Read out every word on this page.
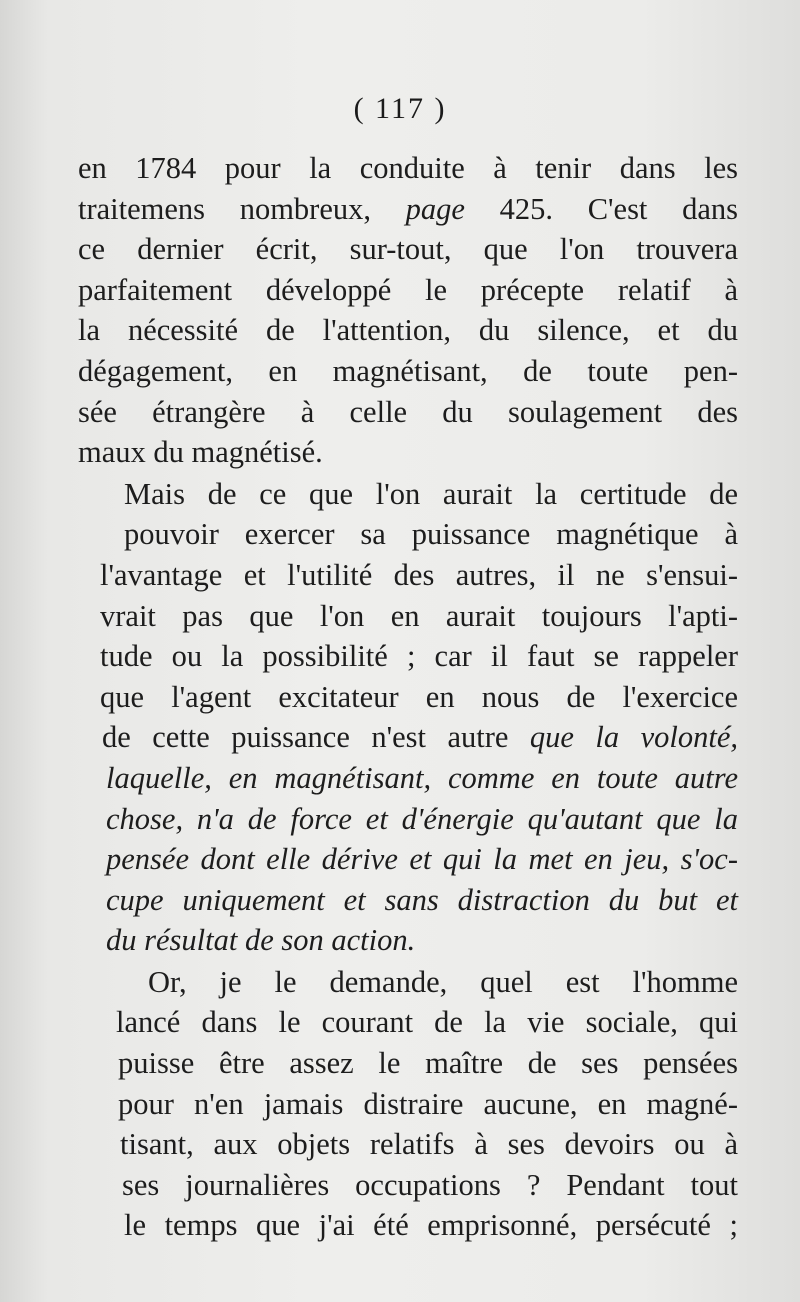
( 117 )
en 1784 pour la conduite à tenir dans les
traitemens nombreux, page 425. C'est dans
ce dernier écrit, sur-tout, que l'on trouvera
parfaitement développé le précepte relatif à
la nécessité de l'attention, du silence, et du
dégagement, en magnétisant, de toute pen-
sée étrangère à celle du soulagement des
maux du magnétisé.
Mais de ce que l'on aurait la certitude de
pouvoir exercer sa puissance magnétique à
l'avantage et l'utilité des autres, il ne s'ensui-
vrait pas que l'on en aurait toujours l'apti-
tude ou la possibilité ; car il faut se rappeler
que l'agent excitateur en nous de l'exercice
de cette puissance n'est autre que la volonté,
laquelle, en magnétisant, comme en toute autre
chose, n'a de force et d'énergie qu'autant que la
pensée dont elle dérive et qui la met en jeu, s'oc-
cupe uniquement et sans distraction du but et
du résultat de son action.
Or, je le demande, quel est l'homme
lancé dans le courant de la vie sociale, qui
puisse être assez le maître de ses pensées
pour n'en jamais distraire aucune, en magné-
tisant, aux objets relatifs à ses devoirs ou à
ses journalières occupations ? Pendant tout
le temps que j'ai été emprisonné, persécuté ;
